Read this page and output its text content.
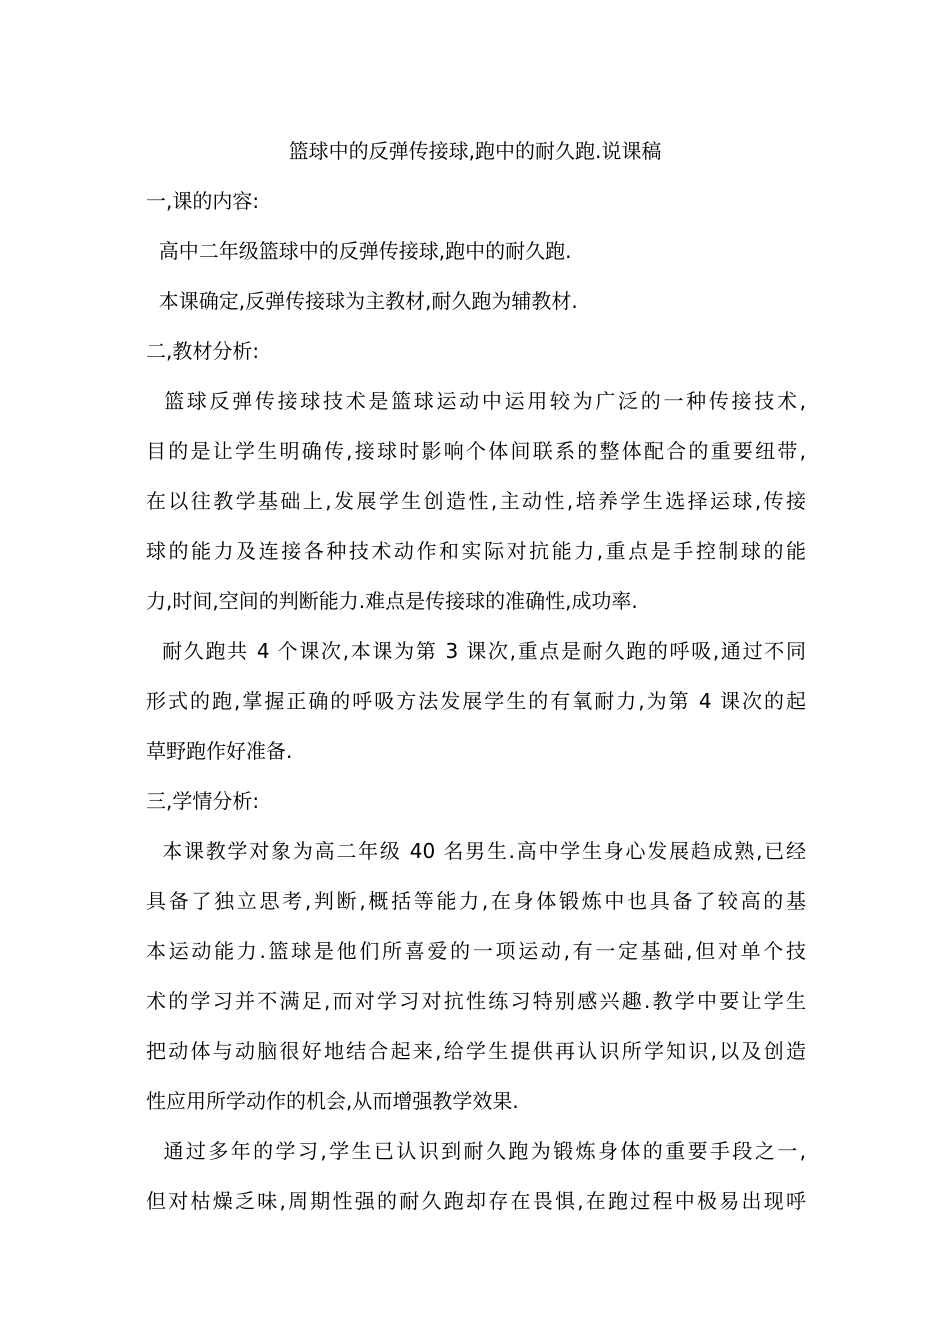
篮球中的反弹传接球,跑中的耐久跑.说课稿
一,课的内容:
高中二年级篮球中的反弹传接球,跑中的耐久跑.
本课确定,反弹传接球为主教材,耐久跑为辅教材.
二,教材分析:
篮球反弹传接球技术是篮球运动中运用较为广泛的一种传接技术,
目的是让学生明确传,接球时影响个体间联系的整体配合的重要纽带,
在以往教学基础上,发展学生创造性,主动性,培养学生选择运球,传接
球的能力及连接各种技术动作和实际对抗能力,重点是手控制球的能
力,时间,空间的判断能力.难点是传接球的准确性,成功率.
耐久跑共 4 个课次,本课为第 3 课次,重点是耐久跑的呼吸,通过不同
形式的跑,掌握正确的呼吸方法发展学生的有氧耐力,为第 4 课次的起
草野跑作好准备.
三,学情分析:
本课教学对象为高二年级 40 名男生.高中学生身心发展趋成熟,已经
具备了独立思考,判断,概括等能力,在身体锻炼中也具备了较高的基
本运动能力.篮球是他们所喜爱的一项运动,有一定基础,但对单个技
术的学习并不满足,而对学习对抗性练习特别感兴趣.教学中要让学生
把动体与动脑很好地结合起来,给学生提供再认识所学知识,以及创造
性应用所学动作的机会,从而增强教学效果.
通过多年的学习,学生已认识到耐久跑为锻炼身体的重要手段之一,
但对枯燥乏味,周期性强的耐久跑却存在畏惧,在跑过程中极易出现呼
